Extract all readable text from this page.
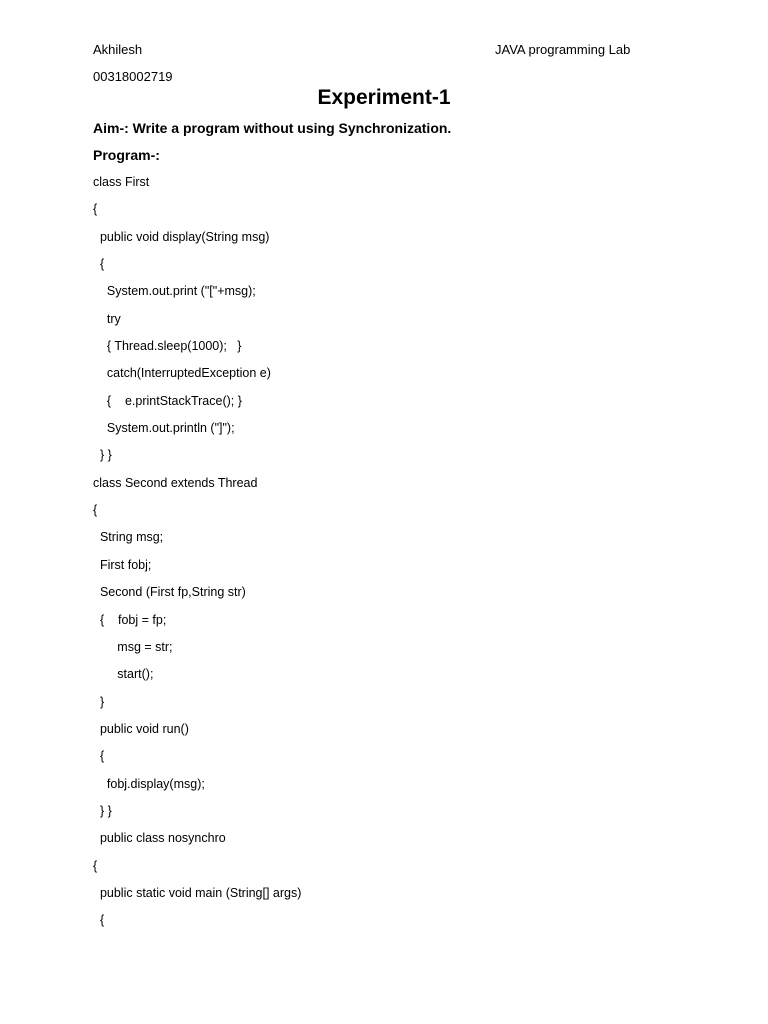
Akhilesh	JAVA programming Lab
00318002719
Experiment-1
Aim-: Write a program without using Synchronization.
Program-:
class First
{
public void display(String msg)
{
System.out.print ("["+msg);
try
{ Thread.sleep(1000);   }
catch(InterruptedException e)
{    e.printStackTrace(); }
System.out.println ("]");
} }
class Second extends Thread
{
String msg;
First fobj;
Second (First fp,String str)
{    fobj = fp;
msg = str;
start();
}
public void run()
{
fobj.display(msg);
} }
public class nosynchro
{
public static void main (String[] args)
{
